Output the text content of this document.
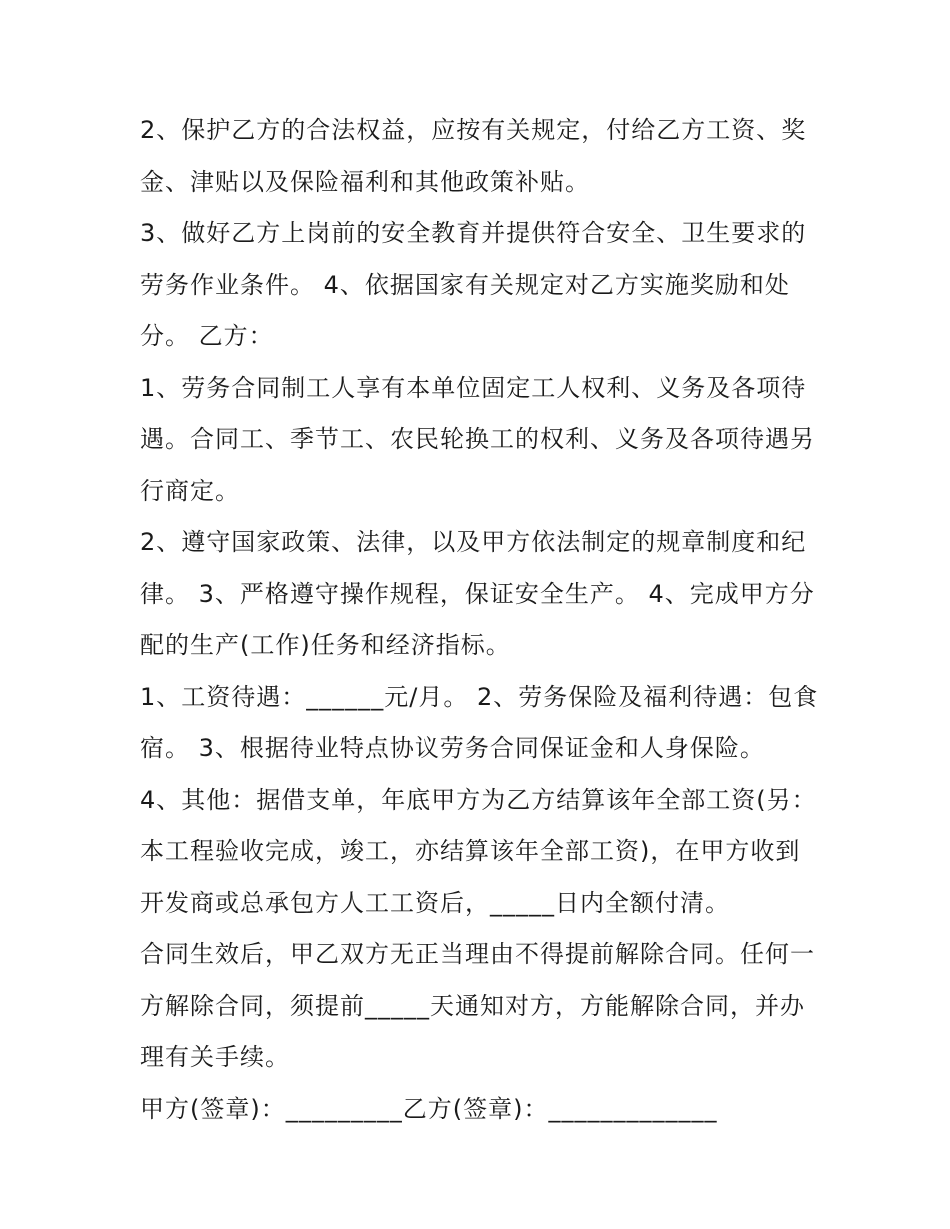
2、保护乙方的合法权益，应按有关规定，付给乙方工资、奖
金、津贴以及保险福利和其他政策补贴。
3、做好乙方上岗前的安全教育并提供符合安全、卫生要求的
劳务作业条件。 4、依据国家有关规定对乙方实施奖励和处
分。 乙方：
1、劳务合同制工人享有本单位固定工人权利、义务及各项待
遇。合同工、季节工、农民轮换工的权利、义务及各项待遇另
行商定。
2、遵守国家政策、法律，以及甲方依法制定的规章制度和纪
律。 3、严格遵守操作规程，保证安全生产。 4、完成甲方分
配的生产(工作)任务和经济指标。
1、工资待遇：______元/月。 2、劳务保险及福利待遇：包食
宿。 3、根据待业特点协议劳务合同保证金和人身保险。
4、其他：据借支单，年底甲方为乙方结算该年全部工资(另：
本工程验收完成，竣工，亦结算该年全部工资)，在甲方收到
开发商或总承包方人工工资后，_____日内全额付清。
合同生效后，甲乙双方无正当理由不得提前解除合同。任何一
方解除合同，须提前_____天通知对方，方能解除合同，并办
理有关手续。
甲方(签章)：_________乙方(签章)：_____________
